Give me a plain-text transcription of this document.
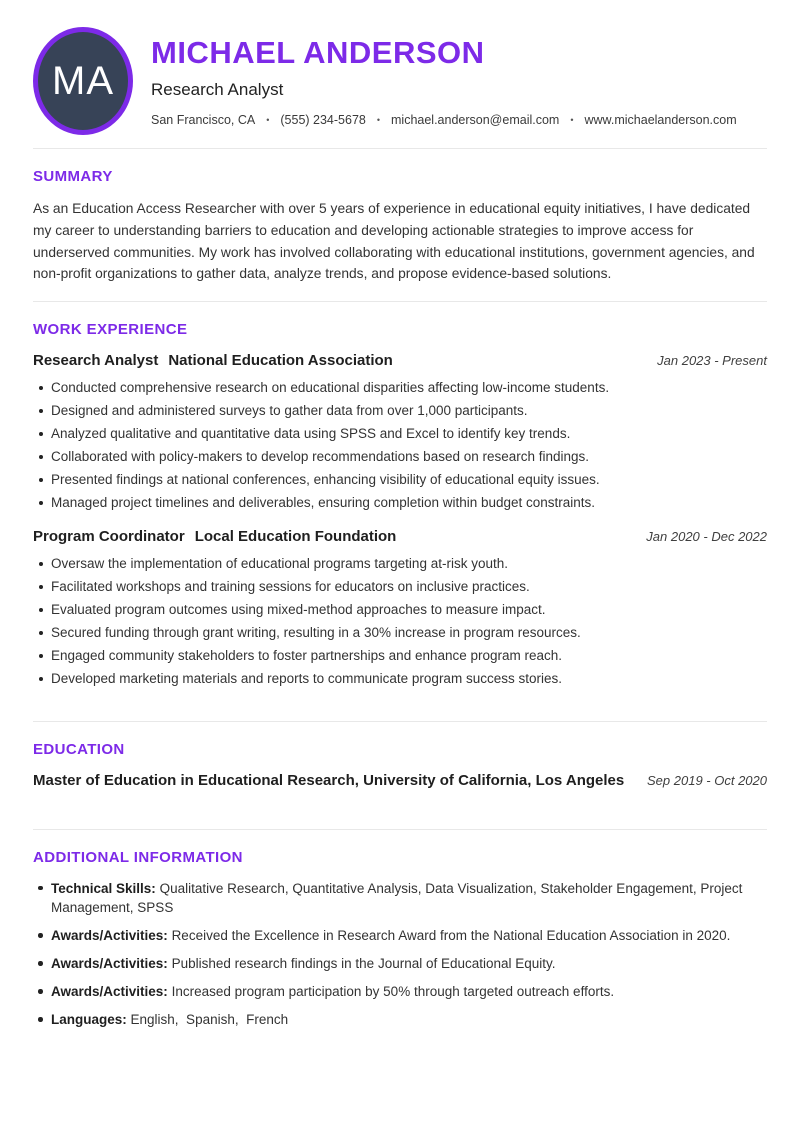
MA
MICHAEL ANDERSON
Research Analyst
San Francisco, CA • (555) 234-5678 • michael.anderson@email.com • www.michaelanderson.com
SUMMARY

As an Education Access Researcher with over 5 years of experience in educational equity initiatives, I have dedicated my career to understanding barriers to education and developing actionable strategies to improve access for underserved communities. My work has involved collaborating with educational institutions, government agencies, and non-profit organizations to gather data, analyze trends, and propose evidence-based solutions.

WORK EXPERIENCE
Research Analyst National Education Association	Jan 2023 - Present
Conducted comprehensive research on educational disparities affecting low-income students.
Designed and administered surveys to gather data from over 1,000 participants.
Analyzed qualitative and quantitative data using SPSS and Excel to identify key trends.
Collaborated with policy-makers to develop recommendations based on research findings.
Presented findings at national conferences, enhancing visibility of educational equity issues.
Managed project timelines and deliverables, ensuring completion within budget constraints.
Program Coordinator Local Education Foundation	Jan 2020 - Dec 2022
Oversaw the implementation of educational programs targeting at-risk youth.
Facilitated workshops and training sessions for educators on inclusive practices.
Evaluated program outcomes using mixed-method approaches to measure impact.
Secured funding through grant writing, resulting in a 30% increase in program resources.
Engaged community stakeholders to foster partnerships and enhance program reach.
Developed marketing materials and reports to communicate program success stories.
EDUCATION
Master of Education in Educational Research, University of California, Los Angeles Sep 2019 - Oct 2020
ADDITIONAL INFORMATION
Technical Skills: Qualitative Research, Quantitative Analysis, Data Visualization, Stakeholder Engagement, Project Management, SPSS
Awards/Activities: Received the Excellence in Research Award from the National Education Association in 2020.
Awards/Activities: Published research findings in the Journal of Educational Equity.
Awards/Activities: Increased program participation by 50% through targeted outreach efforts.
Languages: English,  Spanish,  French
